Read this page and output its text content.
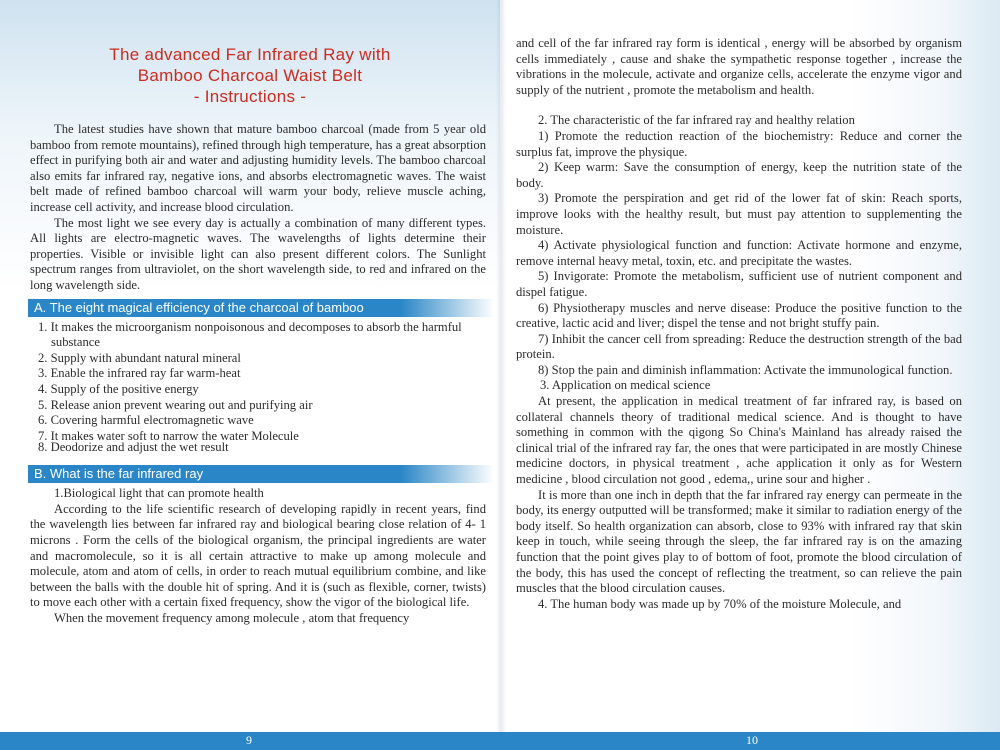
The advanced Far Infrared Ray with
Bamboo Charcoal Waist Belt
- Instructions -

The latest studies have shown that mature bamboo charcoal (made from 5 year old bamboo from remote mountains), refined through high temperature, has a great absorption effect in purifying both air and water and adjusting humidity levels. The bamboo charcoal also emits far infrared ray, negative ions, and absorbs electromagnetic waves. The waist belt made of refined bamboo charcoal will warm your body, relieve muscle aching, increase cell activity, and increase blood circulation.

The most light we see every day is actually a combination of many different types. All lights are electro-magnetic waves. The wavelengths of lights determine their properties. Visible or invisible light can also present different colors. The Sunlight spectrum ranges from ultraviolet, on the short wavelength side, to red and infrared on the long wavelength side.

A. The eight magical efficiency of the charcoal of bamboo
1. It makes the microorganism nonpoisonous and decomposes to absorb the harmful substance
2. Supply with abundant natural mineral
3. Enable the infrared ray far warm-heat
4. Supply of the positive energy
5. Release anion prevent wearing out and purifying air
6. Covering harmful electromagnetic wave
7. It makes water soft to narrow the water Molecule
8. Deodorize and adjust the wet result
B. What is the far infrared ray

1.Biological light that can promote health

According to the life scientific research of developing rapidly in recent years, find the wavelength lies between far infrared ray and biological bearing close relation of 4- 1 microns . Form the cells of the biological organism, the principal ingredients are water and macromolecule, so it is all certain attractive to make up among molecule and molecule, atom and atom of cells, in order to reach mutual equilibrium combine, and like between the balls with the double hit of spring. And it is (such as flexible, corner, twists) to move each other with a certain fixed frequency, show the vigor of the biological life.

When the movement frequency among molecule , atom that frequency

and cell of the far infrared ray form is identical , energy will be absorbed by organism cells immediately , cause and shake the sympathetic response together , increase the vibrations in the molecule, activate and organize cells, accelerate the enzyme vigor and supply of the nutrient , promote the metabolism and health.

2. The characteristic of the far infrared ray and healthy relation

1) Promote the reduction reaction of the biochemistry: Reduce and corner the surplus fat, improve the physique.

2) Keep warm: Save the consumption of energy, keep the nutrition state of the body.

3) Promote the perspiration and get rid of the lower fat of skin: Reach sports, improve looks with the healthy result, but must pay attention to supplementing the moisture.

4) Activate physiological function and function: Activate hormone and enzyme, remove internal heavy metal, toxin, etc. and precipitate the wastes.

5) Invigorate: Promote the metabolism, sufficient use of nutrient component and dispel fatigue.

6) Physiotherapy muscles and nerve disease: Produce the positive function to the creative, lactic acid and liver; dispel the tense and not bright stuffy pain.

7) Inhibit the cancer cell from spreading: Reduce the destruction strength of the bad protein.

8) Stop the pain and diminish inflammation: Activate the immunological function.

3. Application on medical science

At present, the application in medical treatment of far infrared ray, is based on collateral channels theory of traditional medical science. And is thought to have something in common with the qigong So China's Mainland has already raised the clinical trial of the infrared ray far, the ones that were participated in are mostly Chinese medicine doctors, in physical treatment , ache application it only as for Western medicine , blood circulation not good , edema,, urine sour and higher .

It is more than one inch in depth that the far infrared ray energy can permeate in the body, its energy outputted will be transformed; make it similar to radiation energy of the body itself. So health organization can absorb, close to 93% with infrared ray that skin keep in touch, while seeing through the sleep, the far infrared ray is on the amazing function that the point gives play to of bottom of foot, promote the blood circulation of the body, this has used the concept of reflecting the treatment, so can relieve the pain muscles that the blood circulation causes.

4. The human body was made up by 70% of the moisture Molecule, and

9	10
